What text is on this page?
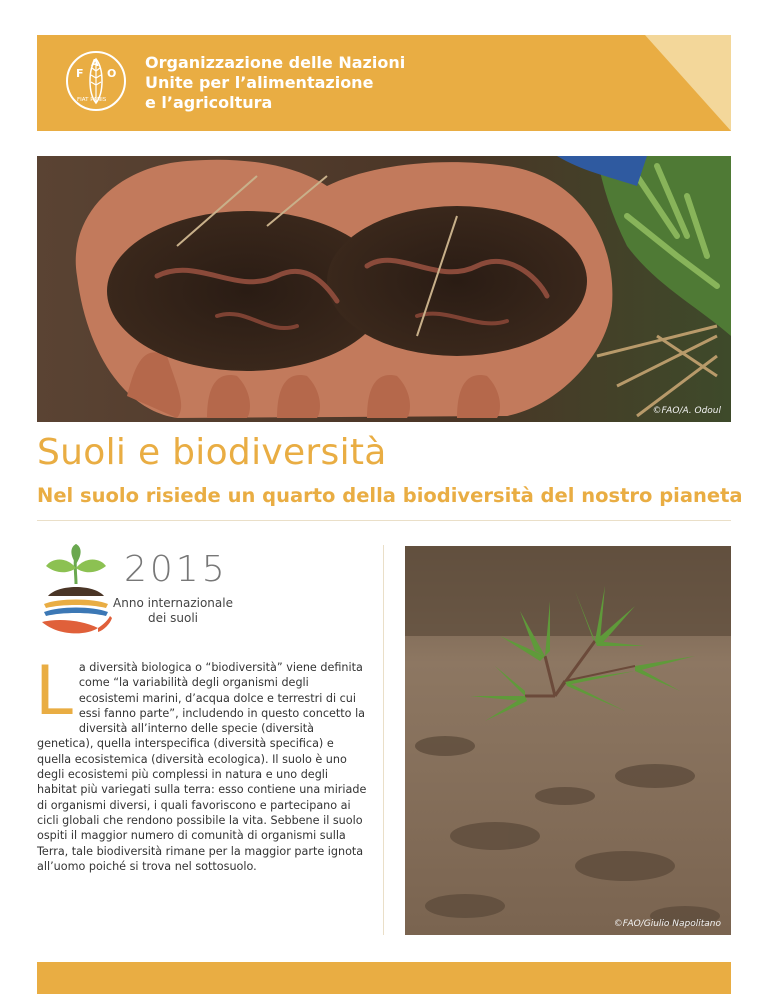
F
A
O
FIAT PANIS
Organizzazione delle Nazioni
Unite per l’alimentazione
e l’agricoltura
©FAO/A. Odoul
Suoli e biodiversità
Nel suolo risiede un quarto della biodiversità del nostro pianeta
2015
Anno internazionale
dei suoli
L a diversità biologica o “biodiversità” viene definita come “la variabilità degli organismi degli ecosistemi marini, d’acqua dolce e terrestri di cui essi fanno parte”, includendo in questo concetto la diversità all’interno delle specie (diversità genetica), quella interspecifica (diversità specifica) e quella ecosistemica (diversità ecologica). Il suolo è uno degli ecosistemi più complessi in natura e uno degli habitat più variegati sulla terra: esso contiene una miriade di organismi diversi, i quali favoriscono e partecipano ai cicli globali che rendono possibile la vita. Sebbene il suolo ospiti il maggior numero di comunità di organismi sulla Terra, tale biodiversità rimane per la maggior parte ignota all’uomo poiché si trova nel sottosuolo.
©FAO/Giulio Napolitano
